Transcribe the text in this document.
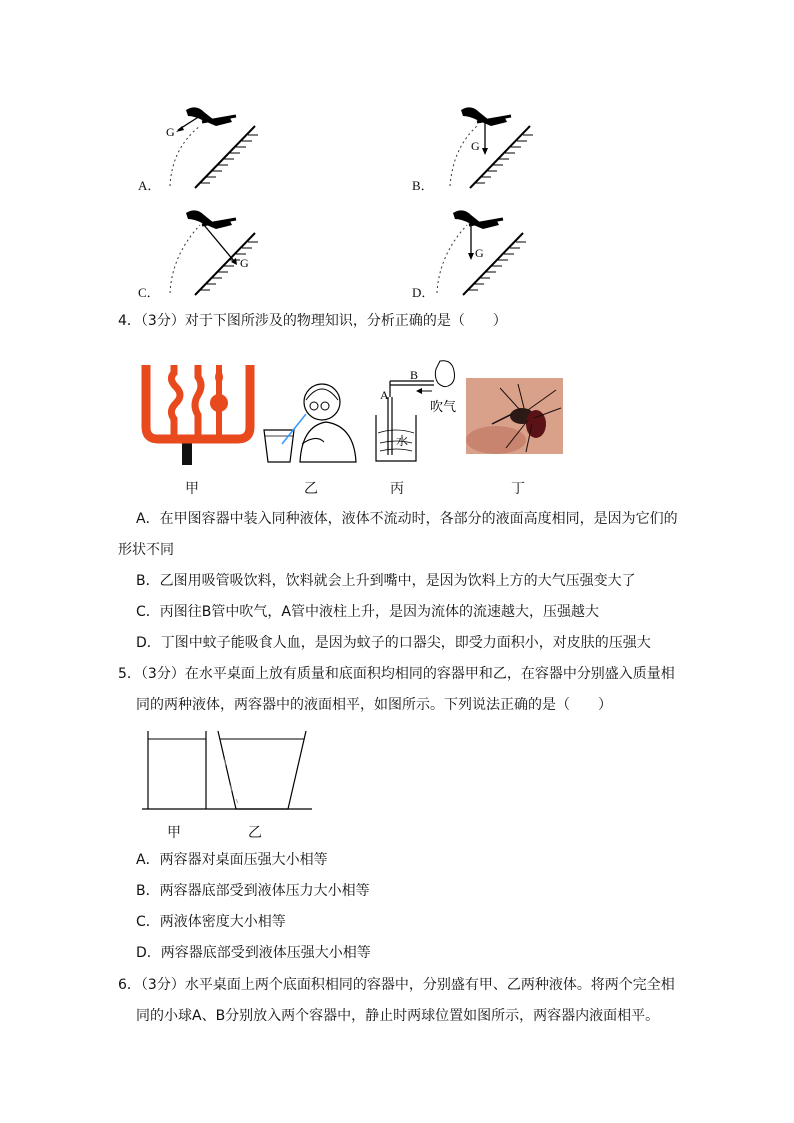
G
A．
G
B．
G
C．
G
D．
4．（3分）对于下图所涉及的物理知识，分析正确的是（　　）
甲	乙
A
B
吹气
水
丙	丁
A．在甲图容器中装入同种液体，液体不流动时，各部分的液面高度相同，是因为它们的
形状不同
B．乙图用吸管吸饮料，饮料就会上升到嘴中，是因为饮料上方的大气压强变大了
C．丙图往B管中吹气，A管中液柱上升，是因为流体的流速越大，压强越大
D．丁图中蚊子能吸食人血，是因为蚊子的口器尖，即受力面积小，对皮肤的压强大
5．（3分）在水平桌面上放有质量和底面积均相同的容器甲和乙，在容器中分别盛入质量相
同的两种液体，两容器中的液面相平，如图所示。下列说法正确的是（　　）
甲	乙
A．两容器对桌面压强大小相等
B．两容器底部受到液体压力大小相等
C．两液体密度大小相等
D．两容器底部受到液体压强大小相等
6．（3分）水平桌面上两个底面积相同的容器中，分别盛有甲、乙两种液体。将两个完全相
同的小球A、B分别放入两个容器中，静止时两球位置如图所示，两容器内液面相平。
